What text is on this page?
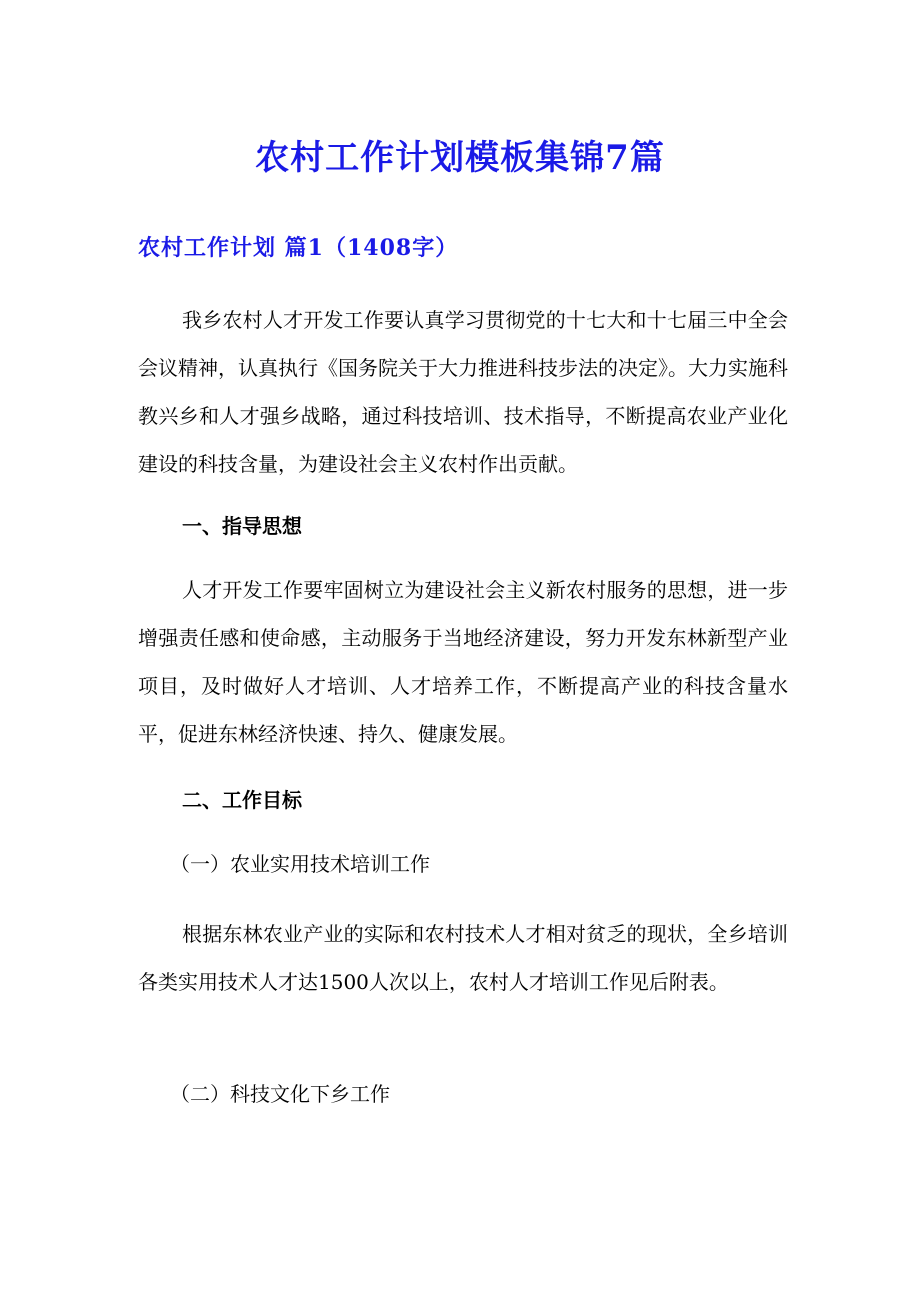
农村工作计划模板集锦7篇
农村工作计划 篇1（1408字）
我乡农村人才开发工作要认真学习贯彻党的十七大和十七届三中全会会议精神，认真执行《国务院关于大力推进科技步法的决定》。大力实施科教兴乡和人才强乡战略，通过科技培训、技术指导，不断提高农业产业化建设的科技含量，为建设社会主义农村作出贡献。
一、指导思想
人才开发工作要牢固树立为建设社会主义新农村服务的思想，进一步增强责任感和使命感，主动服务于当地经济建设，努力开发东林新型产业项目，及时做好人才培训、人才培养工作，不断提高产业的科技含量水平，促进东林经济快速、持久、健康发展。
二、工作目标
（一）农业实用技术培训工作
根据东林农业产业的实际和农村技术人才相对贫乏的现状，全乡培训各类实用技术人才达1500人次以上，农村人才培训工作见后附表。
（二）科技文化下乡工作
